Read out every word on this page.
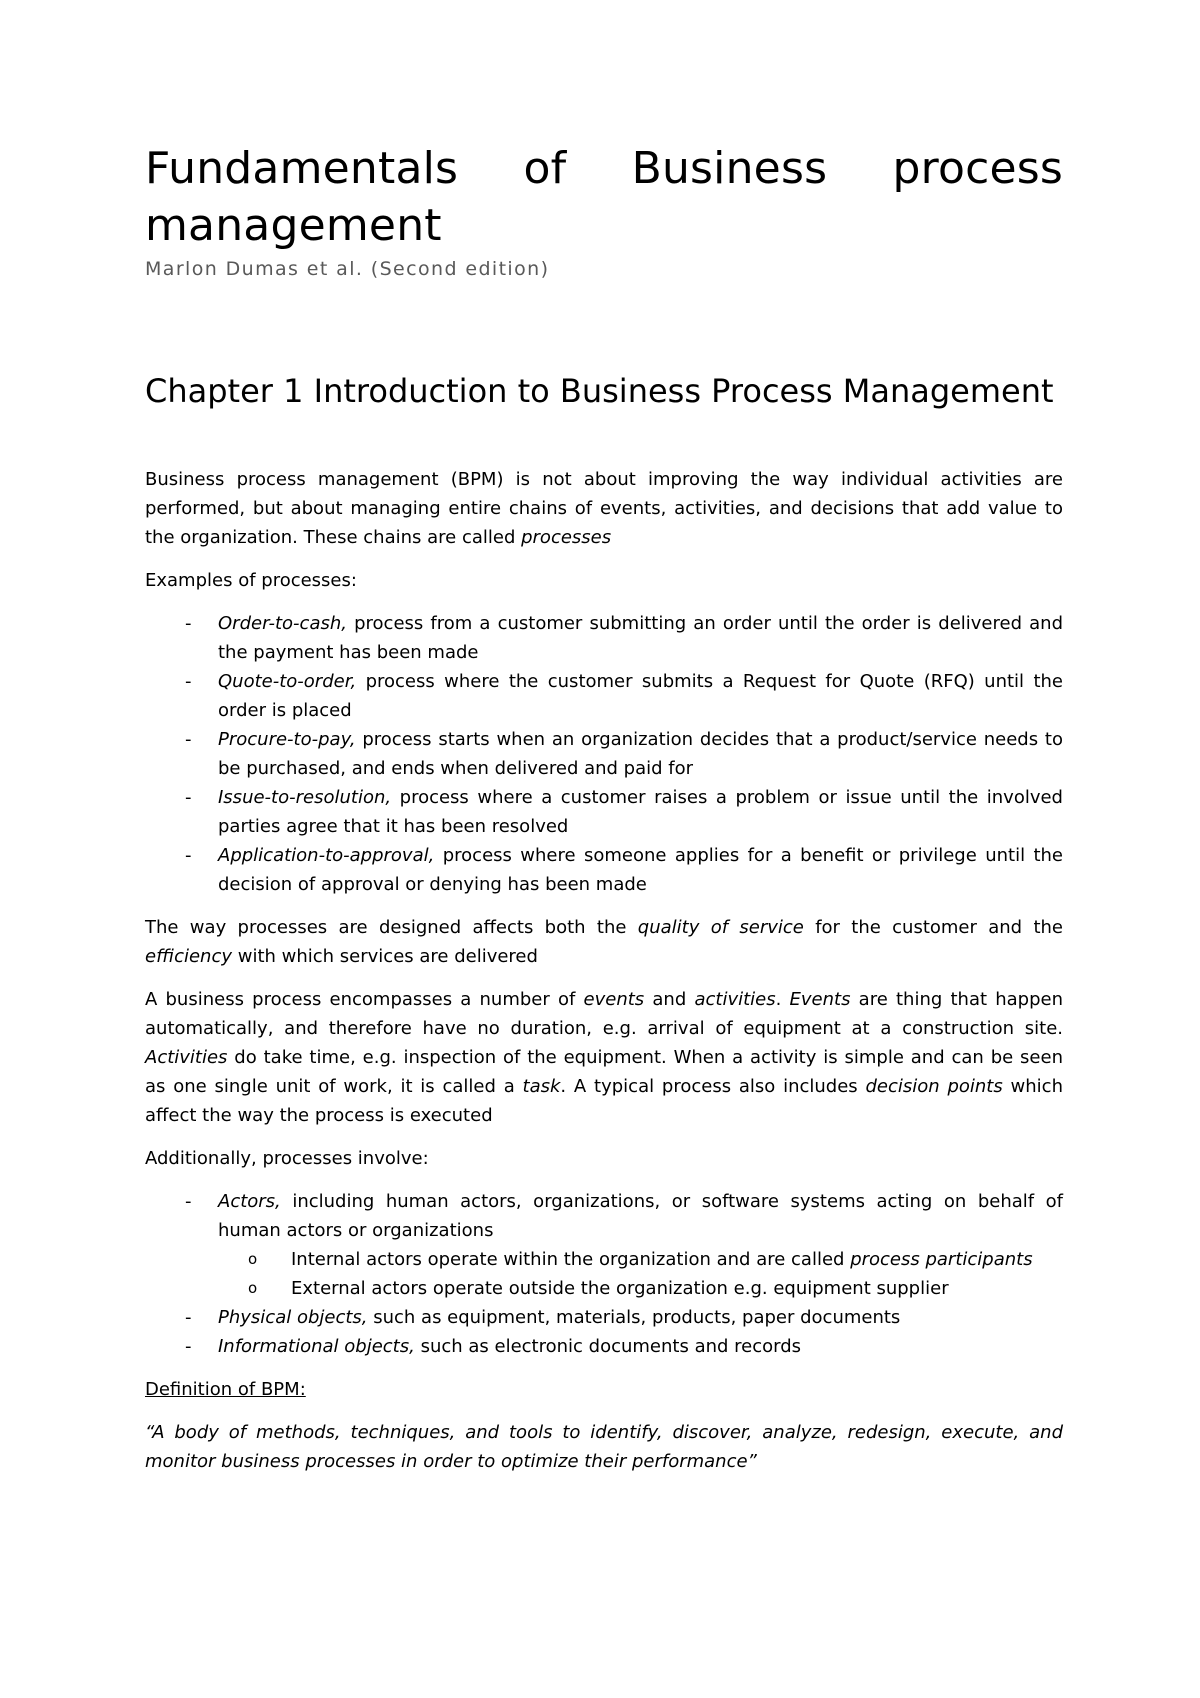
Fundamentals of Business process management
Marlon Dumas et al. (Second edition)
Chapter 1 Introduction to Business Process Management

Business process management (BPM) is not about improving the way individual activities are performed, but about managing entire chains of events, activities, and decisions that add value to the organization. These chains are called processes

Examples of processes:

- Order-to-cash, process from a customer submitting an order until the order is delivered and the payment has been made
- Quote-to-order, process where the customer submits a Request for Quote (RFQ) until the order is placed
- Procure-to-pay, process starts when an organization decides that a product/service needs to be purchased, and ends when delivered and paid for
- Issue-to-resolution, process where a customer raises a problem or issue until the involved parties agree that it has been resolved
- Application-to-approval, process where someone applies for a benefit or privilege until the decision of approval or denying has been made

The way processes are designed affects both the quality of service for the customer and the efficiency with which services are delivered

A business process encompasses a number of events and activities. Events are thing that happen automatically, and therefore have no duration, e.g. arrival of equipment at a construction site. Activities do take time, e.g. inspection of the equipment. When a activity is simple and can be seen as one single unit of work, it is called a task. A typical process also includes decision points which affect the way the process is executed

Additionally, processes involve:

- Actors, including human actors, organizations, or software systems acting on behalf of human actors or organizations
o Internal actors operate within the organization and are called process participants
o External actors operate outside the organization e.g. equipment supplier
- Physical objects, such as equipment, materials, products, paper documents
- Informational objects, such as electronic documents and records

Definition of BPM:

“A body of methods, techniques, and tools to identify, discover, analyze, redesign, execute, and monitor business processes in order to optimize their performance”
